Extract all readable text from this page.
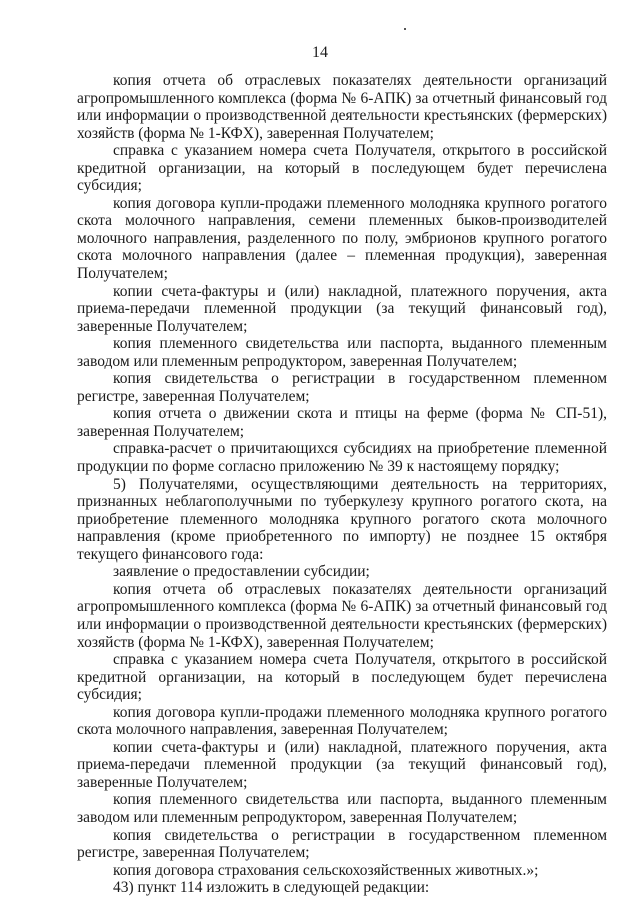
14

копия отчета об отраслевых показателях деятельности организаций агропромышленного комплекса (форма № 6-АПК) за отчетный финансовый год или информации о производственной деятельности крестьянских (фермерских) хозяйств (форма № 1-КФХ), заверенная Получателем;

справка с указанием номера счета Получателя, открытого в российской кредитной организации, на который в последующем будет перечислена субсидия;

копия договора купли-продажи племенного молодняка крупного рогатого скота молочного направления, семени племенных быков-производителей молочного направления, разделенного по полу, эмбрионов крупного рогатого скота молочного направления (далее – племенная продукция), заверенная Получателем;

копии счета-фактуры и (или) накладной, платежного поручения, акта приема-передачи племенной продукции (за текущий финансовый год), заверенные Получателем;

копия племенного свидетельства или паспорта, выданного племенным заводом или племенным репродуктором, заверенная Получателем;

копия свидетельства о регистрации в государственном племенном регистре, заверенная Получателем;

копия отчета о движении скота и птицы на ферме (форма № СП-51), заверенная Получателем;

справка-расчет о причитающихся субсидиях на приобретение племенной продукции по форме согласно приложению № 39 к настоящему порядку;

5) Получателями, осуществляющими деятельность на территориях, признанных неблагополучными по туберкулезу крупного рогатого скота, на приобретение племенного молодняка крупного рогатого скота молочного направления (кроме приобретенного по импорту) не позднее 15 октября текущего финансового года:

заявление о предоставлении субсидии;

копия отчета об отраслевых показателях деятельности организаций агропромышленного комплекса (форма № 6-АПК) за отчетный финансовый год или информации о производственной деятельности крестьянских (фермерских) хозяйств (форма № 1-КФХ), заверенная Получателем;

справка с указанием номера счета Получателя, открытого в российской кредитной организации, на который в последующем будет перечислена субсидия;

копия договора купли-продажи племенного молодняка крупного рогатого скота молочного направления, заверенная Получателем;

копии счета-фактуры и (или) накладной, платежного поручения, акта приема-передачи племенной продукции (за текущий финансовый год), заверенные Получателем;

копия племенного свидетельства или паспорта, выданного племенным заводом или племенным репродуктором, заверенная Получателем;

копия свидетельства о регистрации в государственном племенном регистре, заверенная Получателем;

копия договора страхования сельскохозяйственных животных.»;

43) пункт 114 изложить в следующей редакции:
